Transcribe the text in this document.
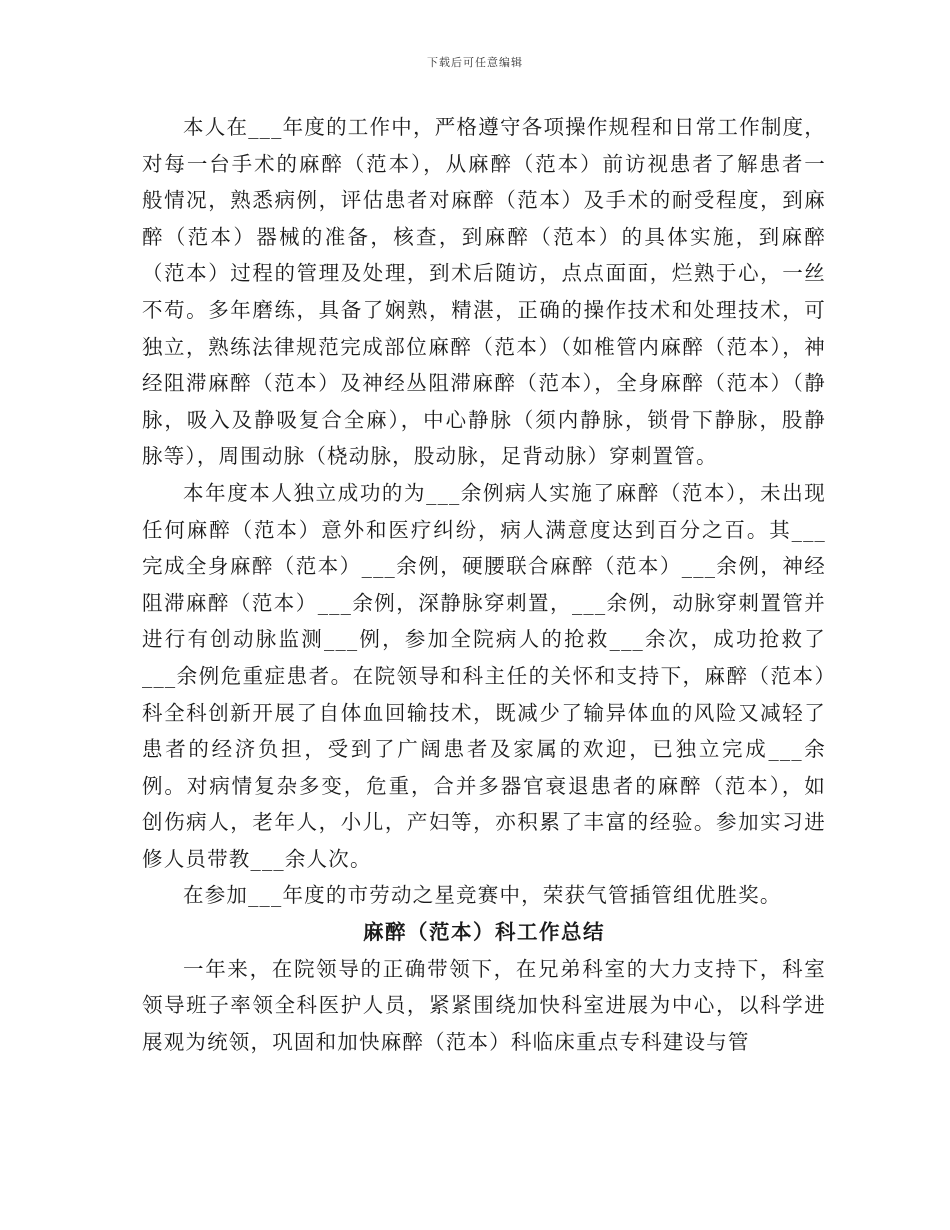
下载后可任意编辑

本人在___年度的工作中，严格遵守各项操作规程和日常工作制度，对每一台手术的麻醉（范本），从麻醉（范本）前访视患者了解患者一般情况，熟悉病例，评估患者对麻醉（范本）及手术的耐受程度，到麻醉（范本）器械的准备，核查，到麻醉（范本）的具体实施，到麻醉（范本）过程的管理及处理，到术后随访，点点面面，烂熟于心，一丝不苟。多年磨练，具备了娴熟，精湛，正确的操作技术和处理技术，可独立，熟练法律规范完成部位麻醉（范本）（如椎管内麻醉（范本），神经阻滞麻醉（范本）及神经丛阻滞麻醉（范本），全身麻醉（范本）（静脉，吸入及静吸复合全麻），中心静脉（须内静脉，锁骨下静脉，股静脉等），周围动脉（桡动脉，股动脉，足背动脉）穿刺置管。

本年度本人独立成功的为___余例病人实施了麻醉（范本），未出现任何麻醉（范本）意外和医疗纠纷，病人满意度达到百分之百。其___完成全身麻醉（范本）___余例，硬腰联合麻醉（范本）___余例，神经阻滞麻醉（范本）___余例，深静脉穿刺置，___余例，动脉穿刺置管并进行有创动脉监测___例，参加全院病人的抢救___余次，成功抢救了___余例危重症患者。在院领导和科主任的关怀和支持下，麻醉（范本）科全科创新开展了自体血回输技术，既减少了输异体血的风险又减轻了患者的经济负担，受到了广阔患者及家属的欢迎，已独立完成___余例。对病情复杂多变，危重，合并多器官衰退患者的麻醉（范本），如创伤病人，老年人，小儿，产妇等，亦积累了丰富的经验。参加实习进修人员带教___余人次。

在参加___年度的市劳动之星竞赛中，荣获气管插管组优胜奖。

麻醉（范本）科工作总结

一年来，在院领导的正确带领下，在兄弟科室的大力支持下，科室领导班子率领全科医护人员，紧紧围绕加快科室进展为中心，以科学进展观为统领，巩固和加快麻醉（范本）科临床重点专科建设与管
